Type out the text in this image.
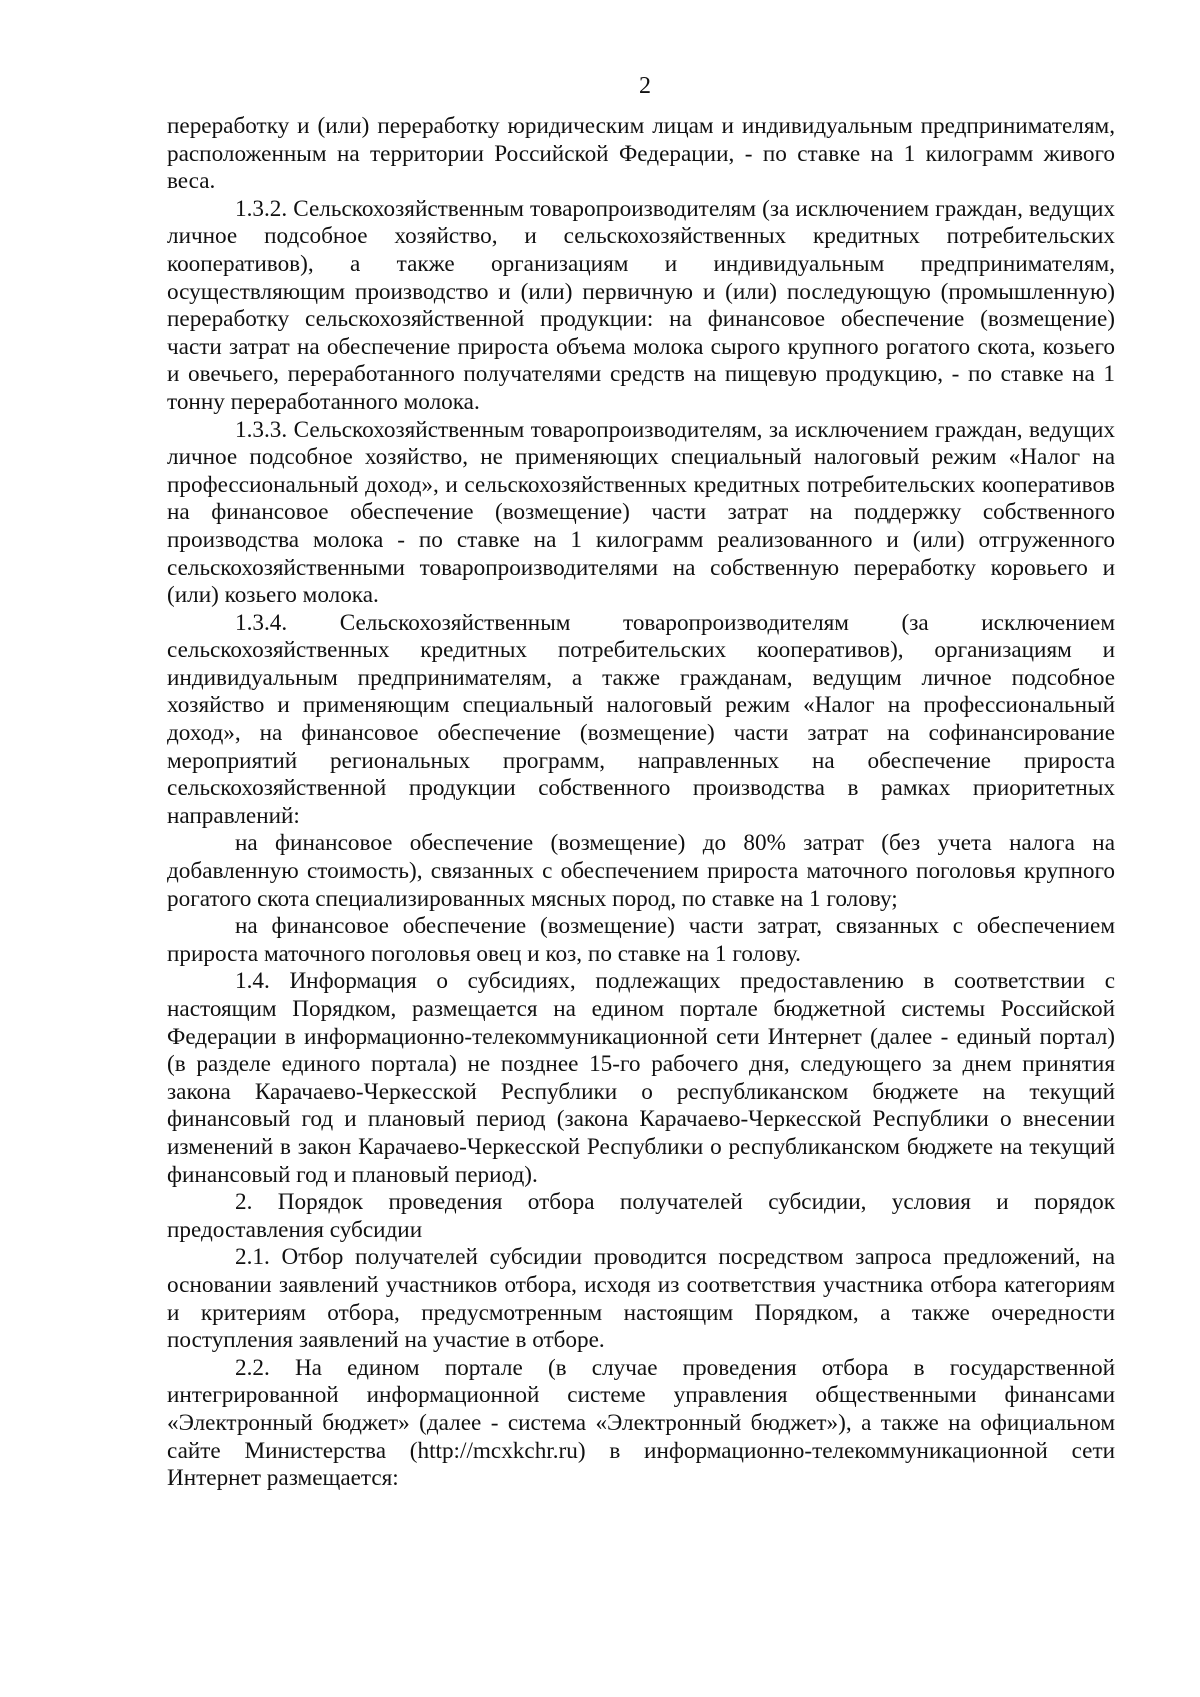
2

переработку и (или) переработку юридическим лицам и индивидуальным предпринимателям, расположенным на территории Российской Федерации, - по ставке на 1 килограмм живого веса.

1.3.2. Сельскохозяйственным товаропроизводителям (за исключением граждан, ведущих личное подсобное хозяйство, и сельскохозяйственных кредитных потребительских кооперативов), а также организациям и индивидуальным предпринимателям, осуществляющим производство и (или) первичную и (или) последующую (промышленную) переработку сельскохозяйственной продукции: на финансовое обеспечение (возмещение) части затрат на обеспечение прироста объема молока сырого крупного рогатого скота, козьего и овечьего, переработанного получателями средств на пищевую продукцию, - по ставке на 1 тонну переработанного молока.

1.3.3. Сельскохозяйственным товаропроизводителям, за исключением граждан, ведущих личное подсобное хозяйство, не применяющих специальный налоговый режим «Налог на профессиональный доход», и сельскохозяйственных кредитных потребительских кооперативов на финансовое обеспечение (возмещение) части затрат на поддержку собственного производства молока - по ставке на 1 килограмм реализованного и (или) отгруженного сельскохозяйственными товаропроизводителями на собственную переработку коровьего и (или) козьего молока.

1.3.4. Сельскохозяйственным товаропроизводителям (за исключением сельскохозяйственных кредитных потребительских кооперативов), организациям и индивидуальным предпринимателям, а также гражданам, ведущим личное подсобное хозяйство и применяющим специальный налоговый режим «Налог на профессиональный доход», на финансовое обеспечение (возмещение) части затрат на софинансирование мероприятий региональных программ, направленных на обеспечение прироста сельскохозяйственной продукции собственного производства в рамках приоритетных направлений:

на финансовое обеспечение (возмещение) до 80% затрат (без учета налога на добавленную стоимость), связанных с обеспечением прироста маточного поголовья крупного рогатого скота специализированных мясных пород, по ставке на 1 голову;

на финансовое обеспечение (возмещение) части затрат, связанных с обеспечением прироста маточного поголовья овец и коз, по ставке на 1 голову.

1.4. Информация о субсидиях, подлежащих предоставлению в соответствии с настоящим Порядком, размещается на едином портале бюджетной системы Российской Федерации в информационно-телекоммуникационной сети Интернет (далее - единый портал) (в разделе единого портала) не позднее 15-го рабочего дня, следующего за днем принятия закона Карачаево-Черкесской Республики о республиканском бюджете на текущий финансовый год и плановый период (закона Карачаево-Черкесской Республики о внесении изменений в закон Карачаево-Черкесской Республики о республиканском бюджете на текущий финансовый год и плановый период).

2. Порядок проведения отбора получателей субсидии, условия и порядок предоставления субсидии

2.1. Отбор получателей субсидии проводится посредством запроса предложений, на основании заявлений участников отбора, исходя из соответствия участника отбора категориям и критериям отбора, предусмотренным настоящим Порядком, а также очередности поступления заявлений на участие в отборе.

2.2. На едином портале (в случае проведения отбора в государственной интегрированной информационной системе управления общественными финансами «Электронный бюджет» (далее - система «Электронный бюджет»), а также на официальном сайте Министерства (http://mcxkchr.ru) в информационно-телекоммуникационной сети Интернет размещается:
